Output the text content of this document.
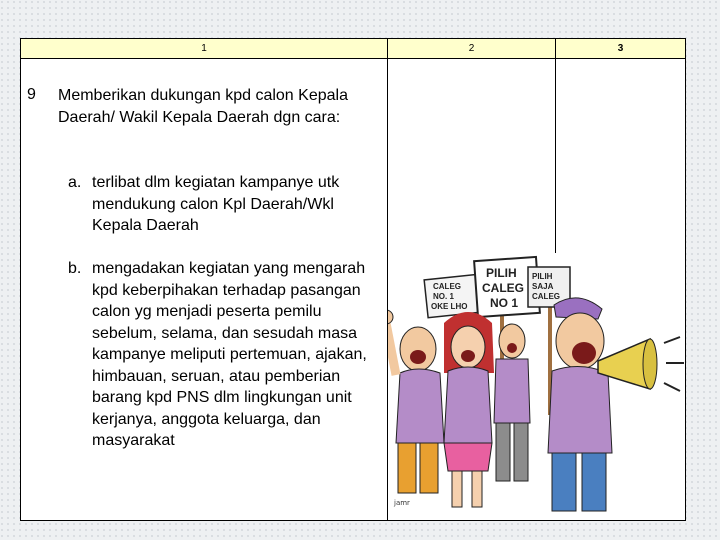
1	2	3
9 Memberikan dukungan kpd calon Kepala Daerah/ Wakil Kepala Daerah dgn cara:
a. terlibat dlm kegiatan kampanye utk mendukung calon Kpl Daerah/Wkl Kepala Daerah
b. mengadakan kegiatan yang mengarah kpd keberpihakan terhadap pasangan calon yg menjadi peserta pemilu sebelum, selama, dan sesudah masa kampanye meliputi pertemuan, ajakan, himbauan, seruan, atau pemberian barang kpd PNS dlm lingkungan unit kerjanya, anggota keluarga, dan masyarakat
CALEG
NO. 1
OKE LHO
PILIH
CALEG
NO 1
PILIH
SAJA
CALEG
jamr
